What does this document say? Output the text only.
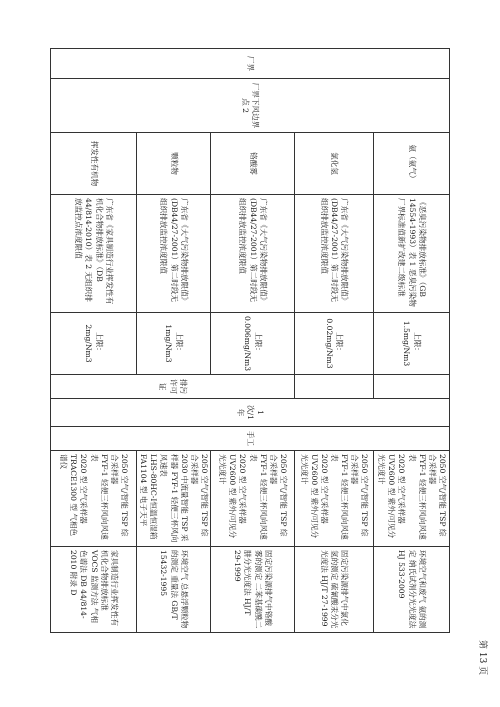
厂界	厂界下风边界点 2	氨（氨气）	《恶臭污染物排放标准》（GB 14554-1993）表 1 恶臭污染物厂界标准值新扩改建二级标准	上限：1.5mg/Nm3		1 次/1 年	手工	2050 空气/智能 TSP 综合采样器
FYF-1 轻便三杯风向风速表
2020 型 空气采样器
UV2600 型 紫外/可见分光光度计	环境空气和废气 氨的测定 纳氏试剂分光光度法 HJ 533-2009
		氯化氢	广东省《大气污染物排放限值》(DB44/27-2001）第二时段无组织排放监控浓度限值	上限：0.02mg/Nm3				2050 空气/智能 TSP 综合采样器
FYF-1 轻便三杯风向风速表
2020 型 空气采样器
UV2600 型 紫外/可见分光光度计	固定污染源排气中氯化氢的测定 硫氰酸汞分光光度法 HJ/T 27-1999
		铬酸雾	广东省《大气污染物排放限值》(DB44/27-2001）第二时段无组织排放监控浓度限值	上限：0.006mg/Nm3	排污许可证			2050 空气/智能 TSP 综合采样器
FYF-1 轻便三杯风向风速表
2020 型 空气采样器
UV2600 型 紫外/可见分光光度计	固定污染源排气中铬酸雾的测定 二苯基碳酰二肼分光光度法 HJ/T 29-1999
		颗粒物	广东省《大气污染物排放限值》(DB44/27-2001）第二时段无组织排放监控浓度限值	上限：1mg/Nm3				2050 空气/智能 TSP 综合采样器
2030 中流量智能 TSP 采样器 FYF-1 轻便三杯风向风速表
LHS-80HC-Ⅰ恒温恒湿箱 FA1104 型 电子天平	环境空气 总悬浮颗粒物的测定 重量法 GB/T 15432-1995
		挥发性有机物	广东省《家具制造行业挥发性有机化合物排放标准》（DB 44/814-2010）表 2 无组织排放监控点浓度限值	上限：2mg/Nm3				2050 空气/智能 TSP 综合采样器
FYF-1 轻便三杯风向风速表
2020 型 空气采样器
TRACE1300 型 气相色谱仪	家具制造行业挥发性有机化合物排放标准 VOCS 监测方法 气相色谱法 DB 44/814-2010 附录 D
第 13 页
